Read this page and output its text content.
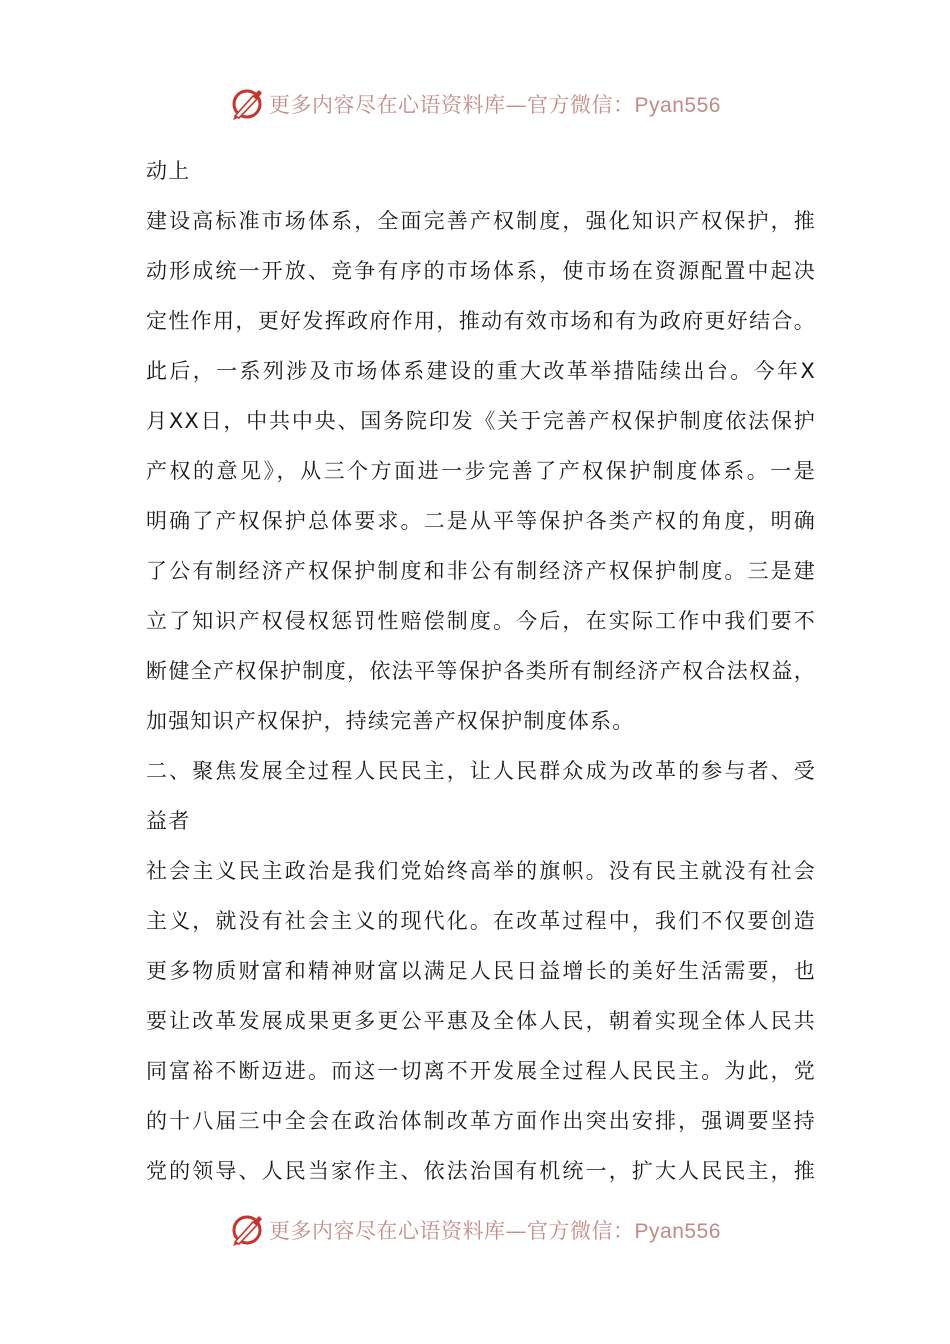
更多内容尽在心语资料库—官方微信：Pyan556
动上
建设高标准市场体系，全面完善产权制度，强化知识产权保护，推
动形成统一开放、竞争有序的市场体系，使市场在资源配置中起决
定性作用，更好发挥政府作用，推动有效市场和有为政府更好结合。
此后，一系列涉及市场体系建设的重大改革举措陆续出台。今年X
月XX日，中共中央、国务院印发《关于完善产权保护制度依法保护
产权的意见》，从三个方面进一步完善了产权保护制度体系。一是
明确了产权保护总体要求。二是从平等保护各类产权的角度，明确
了公有制经济产权保护制度和非公有制经济产权保护制度。三是建
立了知识产权侵权惩罚性赔偿制度。今后，在实际工作中我们要不
断健全产权保护制度，依法平等保护各类所有制经济产权合法权益，
加强知识产权保护，持续完善产权保护制度体系。
二、聚焦发展全过程人民民主，让人民群众成为改革的参与者、受
益者
社会主义民主政治是我们党始终高举的旗帜。没有民主就没有社会
主义，就没有社会主义的现代化。在改革过程中，我们不仅要创造
更多物质财富和精神财富以满足人民日益增长的美好生活需要，也
要让改革发展成果更多更公平惠及全体人民，朝着实现全体人民共
同富裕不断迈进。而这一切离不开发展全过程人民民主。为此，党
的十八届三中全会在政治体制改革方面作出突出安排，强调要坚持
党的领导、人民当家作主、依法治国有机统一，扩大人民民主，推
更多内容尽在心语资料库—官方微信：Pyan556
